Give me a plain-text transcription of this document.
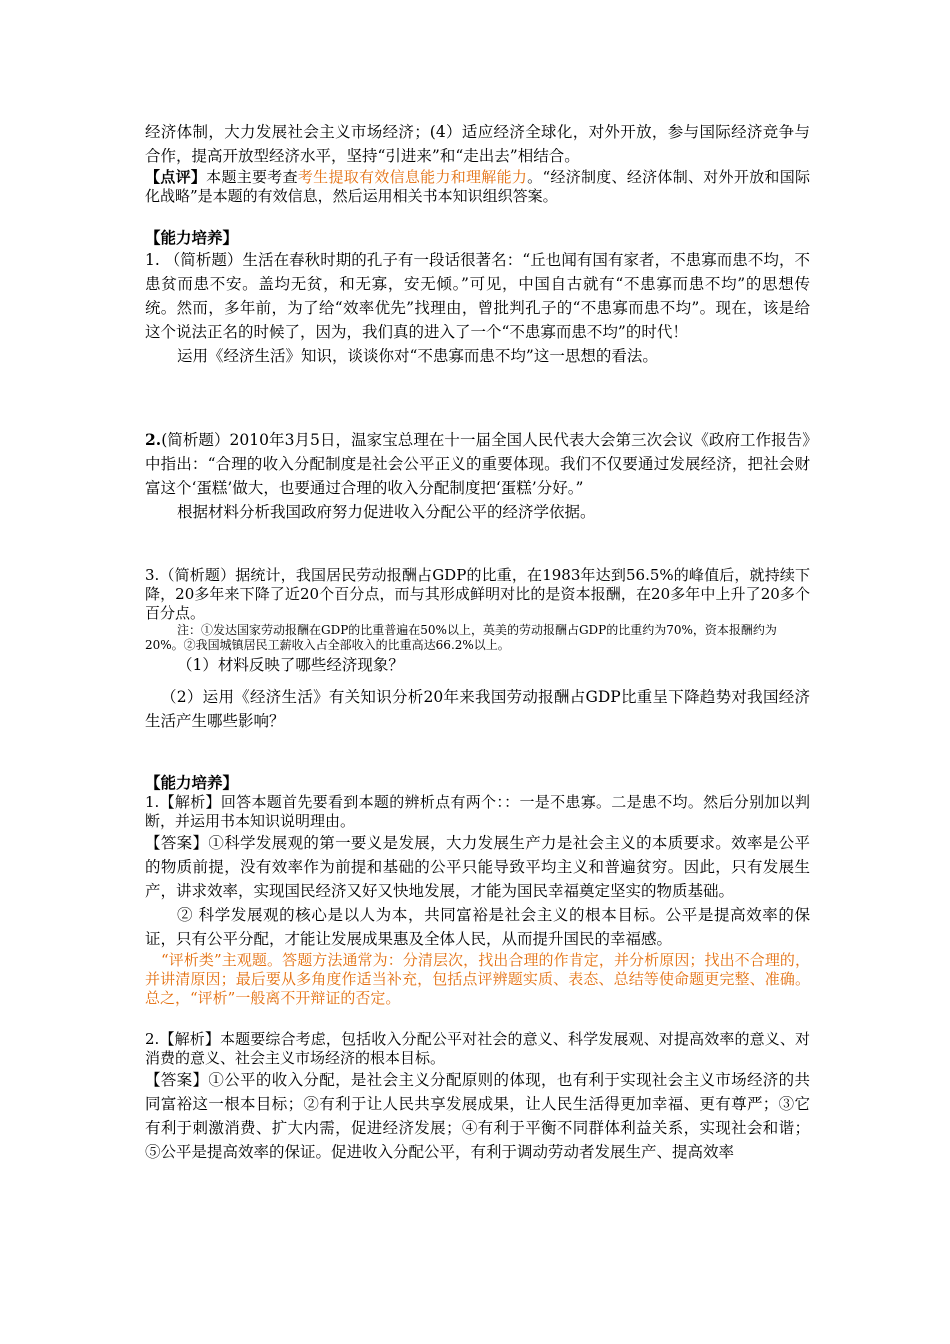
经济体制，大力发展社会主义市场经济；(4）适应经济全球化，对外开放，参与国际经济竞争与合作，提高开放型经济水平，坚持“引进来”和“走出去”相结合。

【点评】本题主要考查考生提取有效信息能力和理解能力。“经济制度、经济体制、对外开放和国际化战略”是本题的有效信息，然后运用相关书本知识组织答案。

【能力培养】

1. （简析题）生活在春秋时期的孔子有一段话很著名：“丘也闻有国有家者，不患寡而患不均，不患贫而患不安。盖均无贫，和无寡，安无倾。”可见，中国自古就有“不患寡而患不均”的思想传统。然而，多年前，为了给“效率优先”找理由，曾批判孔子的“不患寡而患不均”。现在，该是给这个说法正名的时候了，因为，我们真的进入了一个“不患寡而患不均”的时代！

运用《经济生活》知识，谈谈你对“不患寡而患不均”这一思想的看法。

2.(简析题）2010年3月5日，温家宝总理在十一届全国人民代表大会第三次会议《政府工作报告》中指出：“合理的收入分配制度是社会公平正义的重要体现。我们不仅要通过发展经济，把社会财富这个‘蛋糕’做大，也要通过合理的收入分配制度把‘蛋糕’分好。”

根据材料分析我国政府努力促进收入分配公平的经济学依据。

3.（简析题）据统计，我国居民劳动报酬占GDP的比重，在1983年达到56.5%的峰值后，就持续下降，20多年来下降了近20个百分点，而与其形成鲜明对比的是资本报酬，在20多年中上升了20多个百分点。

注：①发达国家劳动报酬在GDP的比重普遍在50%以上，英美的劳动报酬占GDP的比重约为70%，资本报酬约为20%。②我国城镇居民工薪收入占全部收入的比重高达66.2%以上。

（1）材料反映了哪些经济现象？

（2）运用《经济生活》有关知识分析20年来我国劳动报酬占GDP比重呈下降趋势对我国经济生活产生哪些影响？

【能力培养】

1.【解析】回答本题首先要看到本题的辨析点有两个：：一是不患寡。二是患不均。然后分别加以判断，并运用书本知识说明理由。

【答案】①科学发展观的第一要义是发展，大力发展生产力是社会主义的本质要求。效率是公平的物质前提，没有效率作为前提和基础的公平只能导致平均主义和普遍贫穷。因此，只有发展生产，讲求效率，实现国民经济又好又快地发展，才能为国民幸福奠定坚实的物质基础。

② 科学发展观的核心是以人为本，共同富裕是社会主义的根本目标。公平是提高效率的保证，只有公平分配，才能让发展成果惠及全体人民，从而提升国民的幸福感。

“评析类”主观题。答题方法通常为：分清层次，找出合理的作肯定，并分析原因；找出不合理的，并讲清原因；最后要从多角度作适当补充，包括点评辨题实质、表态、总结等使命题更完整、准确。总之，“评析”一般离不开辩证的否定。

2.【解析】本题要综合考虑，包括收入分配公平对社会的意义、科学发展观、对提高效率的意义、对消费的意义、社会主义市场经济的根本目标。

【答案】①公平的收入分配，是社会主义分配原则的体现，也有利于实现社会主义市场经济的共同富裕这一根本目标；②有利于让人民共享发展成果，让人民生活得更加幸福、更有尊严；③它有利于刺激消费、扩大内需，促进经济发展；④有利于平衡不同群体利益关系，实现社会和谐；⑤公平是提高效率的保证。促进收入分配公平，有利于调动劳动者发展生产、提高效率
